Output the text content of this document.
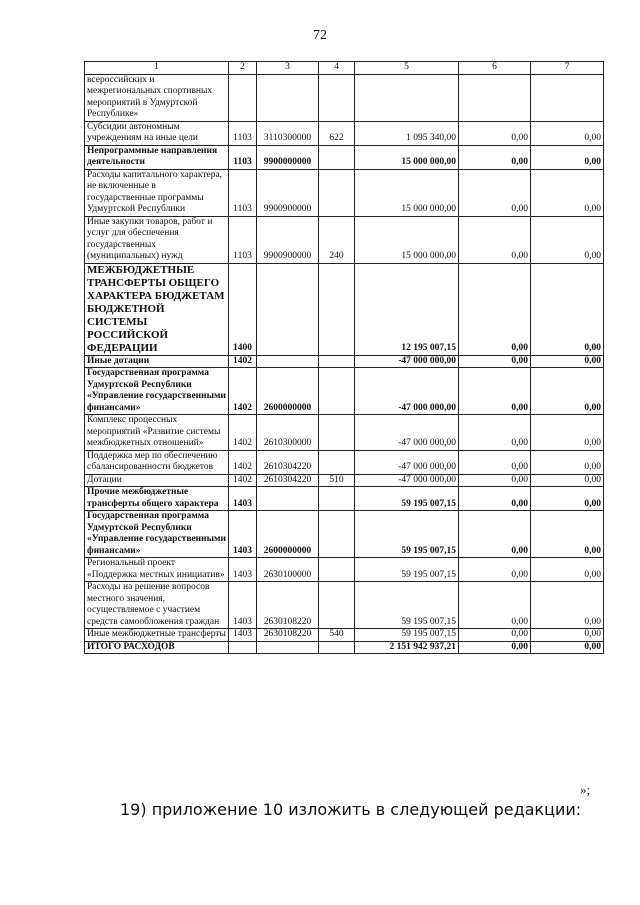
72
1	2	3	4	5	6	7
всероссийских и межрегиональных спортивных мероприятий в Удмуртской Республике»						
Субсидии автономным учреждениям на иные цели	1103	3110300000	622	1 095 340,00	0,00	0,00
Непрограммные направления деятельности	1103	9900000000		15 000 000,00	0,00	0,00
Расходы капитального характера, не включенные в государственные программы Удмуртской Республики	1103	9900900000		15 000 000,00	0,00	0,00
Иные закупки товаров, работ и услуг для обеспечения государственных (муниципальных) нужд	1103	9900900000	240	15 000 000,00	0,00	0,00
МЕЖБЮДЖЕТНЫЕ ТРАНСФЕРТЫ ОБЩЕГО ХАРАКТЕРА БЮДЖЕТАМ БЮДЖЕТНОЙ СИСТЕМЫ РОССИЙСКОЙ ФЕДЕРАЦИИ	1400			12 195 007,15	0,00	0,00
Иные дотации	1402			-47 000 000,00	0,00	0,00
Государственная программа Удмуртской Республики «Управление государственными финансами»	1402	2600000000		-47 000 000,00	0,00	0,00
Комплекс процессных мероприятий «Развитие системы межбюджетных отношений»	1402	2610300000		-47 000 000,00	0,00	0,00
Поддержка мер по обеспечению сбалансированности бюджетов	1402	2610304220		-47 000 000,00	0,00	0,00
Дотации	1402	2610304220	510	-47 000 000,00	0,00	0,00
Прочие межбюджетные трансферты общего характера	1403			59 195 007,15	0,00	0,00
Государственная программа Удмуртской Республики «Управление государственными финансами»	1403	2600000000		59 195 007,15	0,00	0,00
Региональный проект «Поддержка местных инициатив»	1403	2630100000		59 195 007,15	0,00	0,00
Расходы на решение вопросов местного значения, осуществляемое с участием средств самообложения граждан	1403	2630108220		59 195 007,15	0,00	0,00
Иные межбюджетные трансферты	1403	2630108220	540	59 195 007,15	0,00	0,00
ИТОГО РАСХОДОВ				2 151 942 937,21	0,00	0,00
»;
19) приложение 10 изложить в следующей редакции:
